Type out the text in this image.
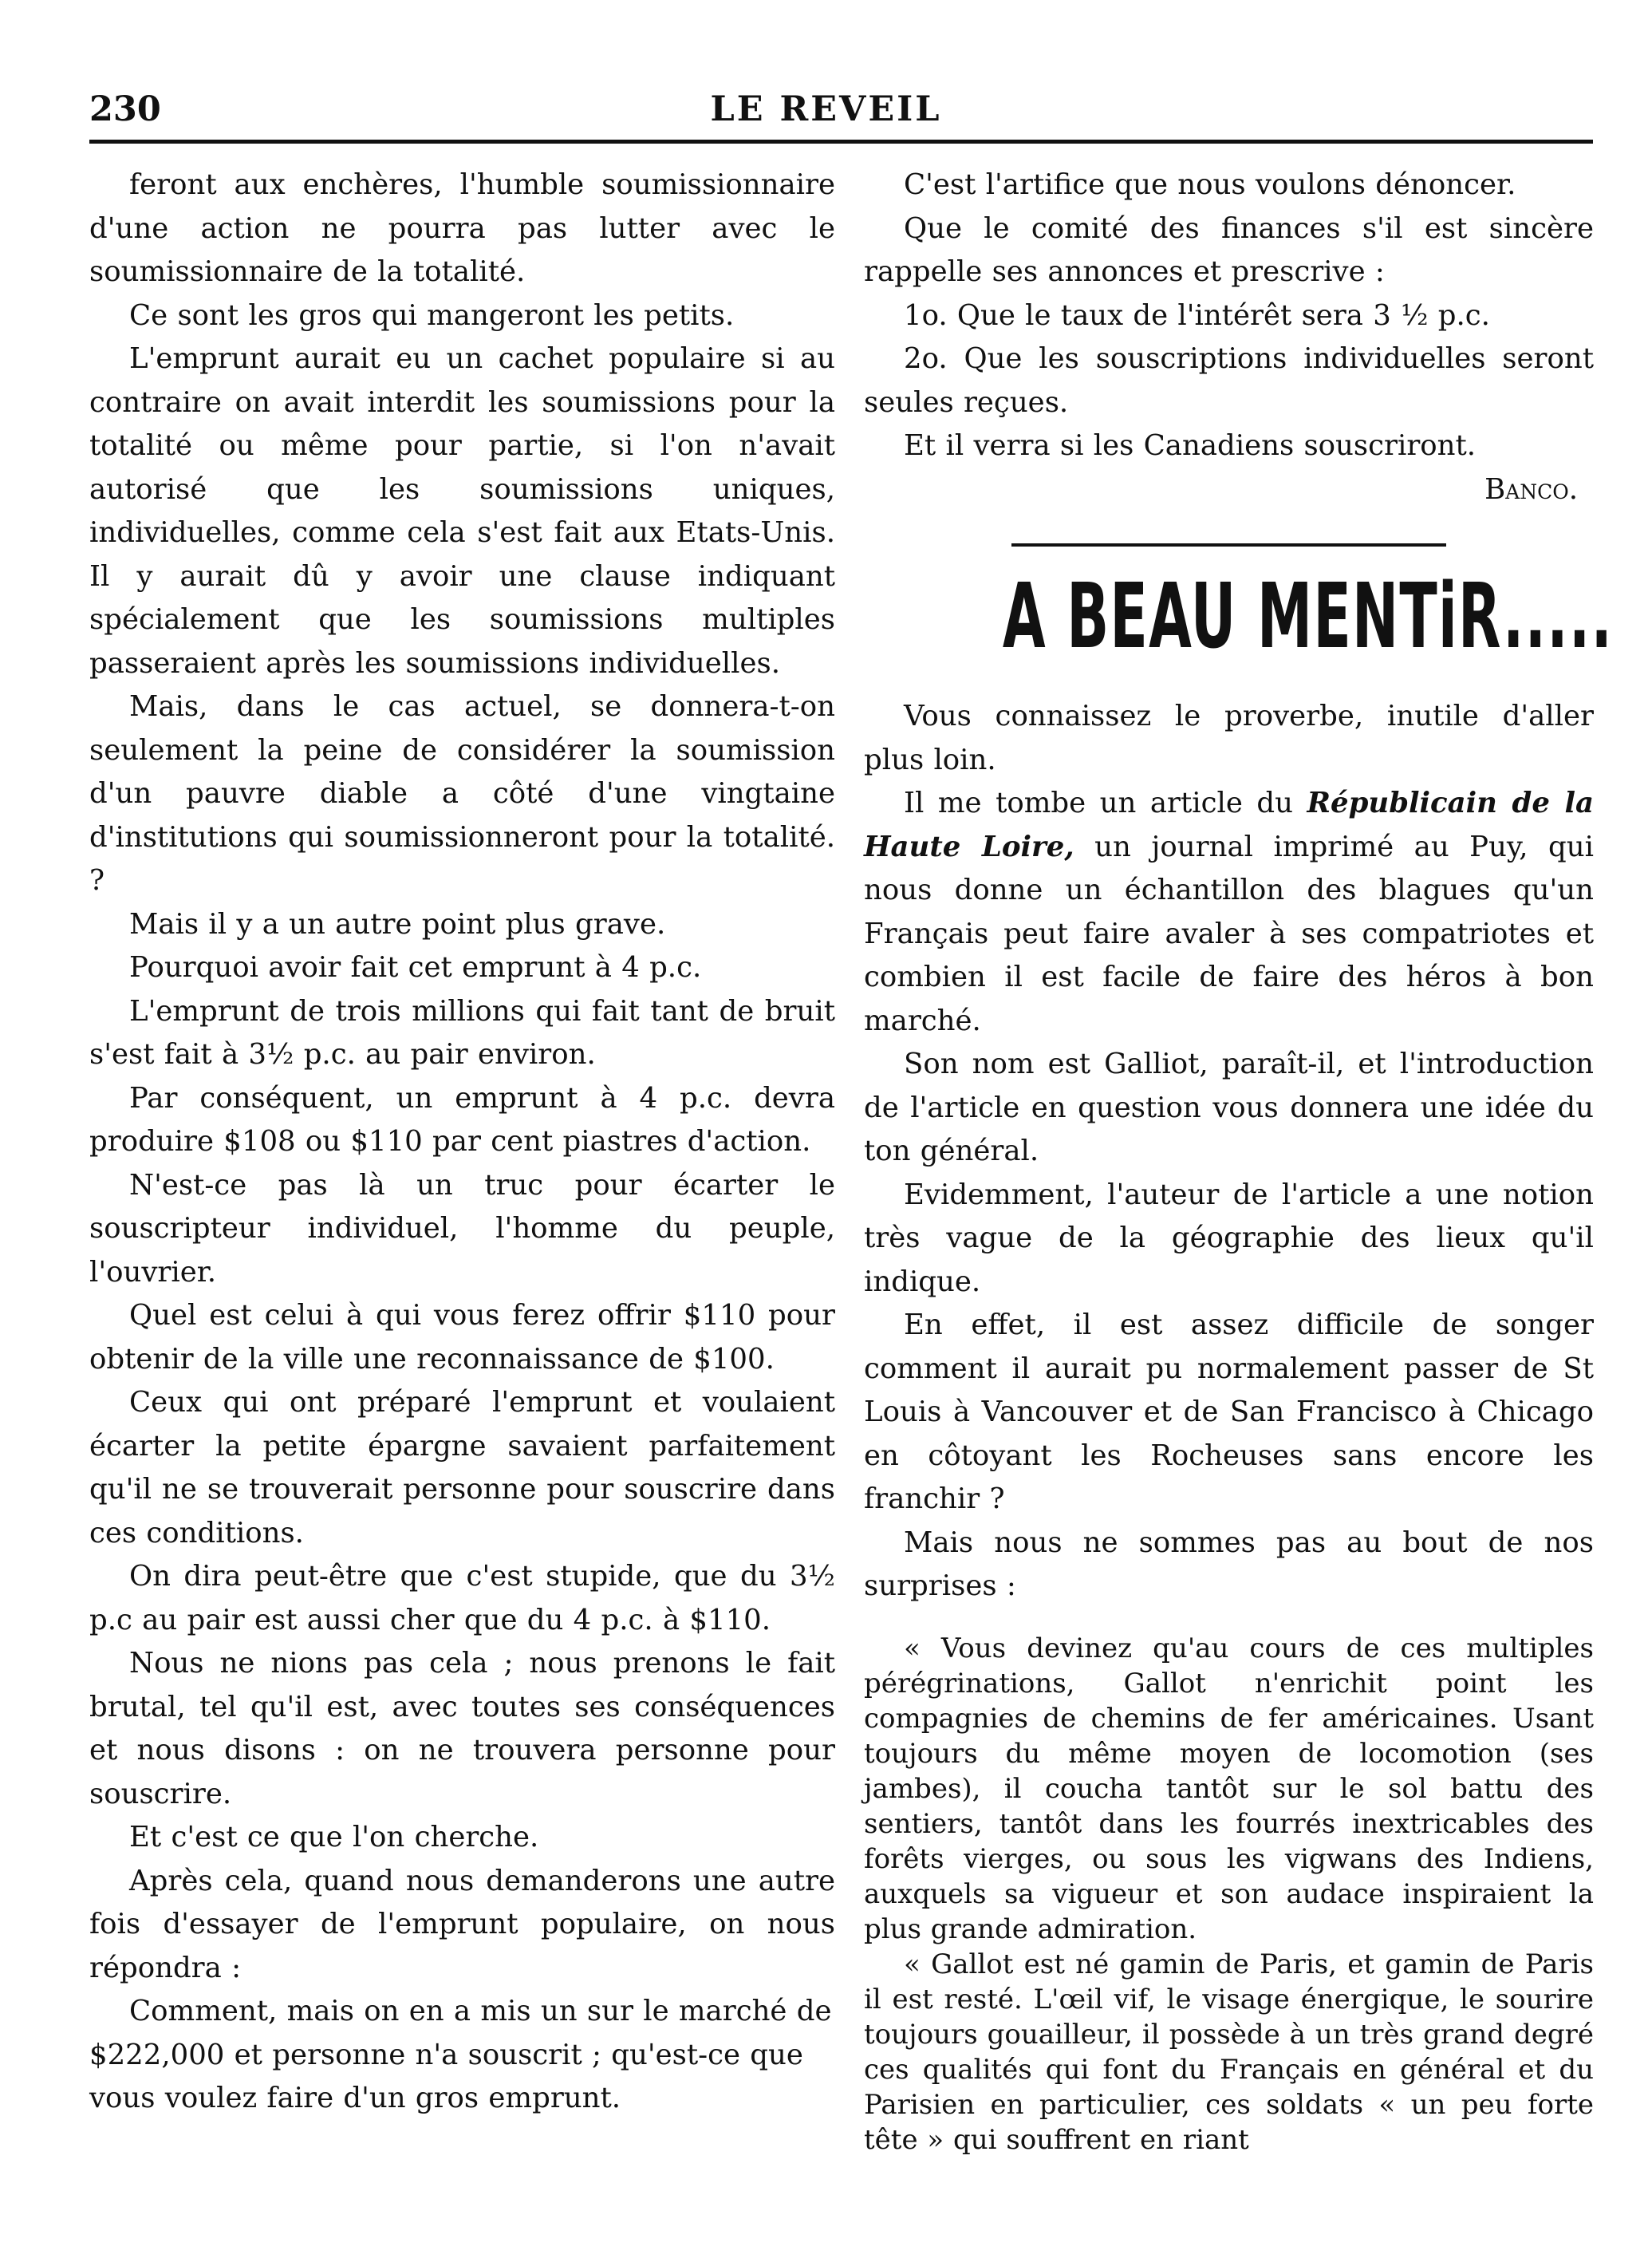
230	LE REVEIL

feront aux enchères, l'humble soumissionnaire d'une action ne pourra pas lutter avec le soumissionnaire de la totalité.

Ce sont les gros qui mangeront les petits.

L'emprunt aurait eu un cachet populaire si au contraire on avait interdit les soumissions pour la totalité ou même pour partie, si l'on n'avait autorisé que les soumissions uniques, individuelles, comme cela s'est fait aux Etats-Unis. Il y aurait dû y avoir une clause indiquant spécialement que les soumissions multiples passeraient après les soumissions individuelles.

Mais, dans le cas actuel, se donnera-t-on seulement la peine de considérer la soumission d'un pauvre diable a côté d'une vingtaine d'institutions qui soumissionneront pour la totalité. ?

Mais il y a un autre point plus grave.

Pourquoi avoir fait cet emprunt à 4 p.c.

L'emprunt de trois millions qui fait tant de bruit s'est fait à 3½ p.c. au pair environ.

Par conséquent, un emprunt à 4 p.c. devra produire $108 ou $110 par cent piastres d'action.

N'est-ce pas là un truc pour écarter le souscripteur individuel, l'homme du peuple, l'ouvrier.

Quel est celui à qui vous ferez offrir $110 pour obtenir de la ville une reconnaissance de $100.

Ceux qui ont préparé l'emprunt et voulaient écarter la petite épargne savaient parfaitement qu'il ne se trouverait personne pour souscrire dans ces conditions.

On dira peut-être que c'est stupide, que du 3½ p.c au pair est aussi cher que du 4 p.c. à $110.

Nous ne nions pas cela ; nous prenons le fait brutal, tel qu'il est, avec toutes ses conséquences et nous disons : on ne trouvera personne pour souscrire.

Et c'est ce que l'on cherche.

Après cela, quand nous demanderons une autre fois d'essayer de l'emprunt populaire, on nous répondra :

Comment, mais on en a mis un sur le marché de $222,000 et personne n'a souscrit ; qu'est-ce que vous voulez faire d'un gros emprunt.

C'est l'artifice que nous voulons dénoncer.

Que le comité des finances s'il est sincère rappelle ses annonces et prescrive :

1o. Que le taux de l'intérêt sera 3 ½ p.c.

2o. Que les souscriptions individuelles seront seules reçues.

Et il verra si les Canadiens souscriront.

Banco.

A BEAU MENTiR.....

Vous connaissez le proverbe, inutile d'aller plus loin.

Il me tombe un article du Républicain de la Haute Loire, un journal imprimé au Puy, qui nous donne un échantillon des blagues qu'un Français peut faire avaler à ses compatriotes et combien il est facile de faire des héros à bon marché.

Son nom est Galliot, paraît-il, et l'introduction de l'article en question vous donnera une idée du ton général.

Evidemment, l'auteur de l'article a une notion très vague de la géographie des lieux qu'il indique.

En effet, il est assez difficile de songer comment il aurait pu normalement passer de St Louis à Vancouver et de San Francisco à Chicago en côtoyant les Rocheuses sans encore les franchir ?

Mais nous ne sommes pas au bout de nos surprises :

« Vous devinez qu'au cours de ces multiples pérégrinations, Gallot n'enrichit point les compagnies de chemins de fer américaines. Usant toujours du même moyen de locomotion (ses jambes), il coucha tantôt sur le sol battu des sentiers, tantôt dans les fourrés inextricables des forêts vierges, ou sous les vigwans des Indiens, auxquels sa vigueur et son audace inspiraient la plus grande admiration.

« Gallot est né gamin de Paris, et gamin de Paris il est resté. L'œil vif, le visage énergique, le sourire toujours gouailleur, il possède à un très grand degré ces qualités qui font du Français en général et du Parisien en particulier, ces soldats « un peu forte tête » qui souffrent en riant
